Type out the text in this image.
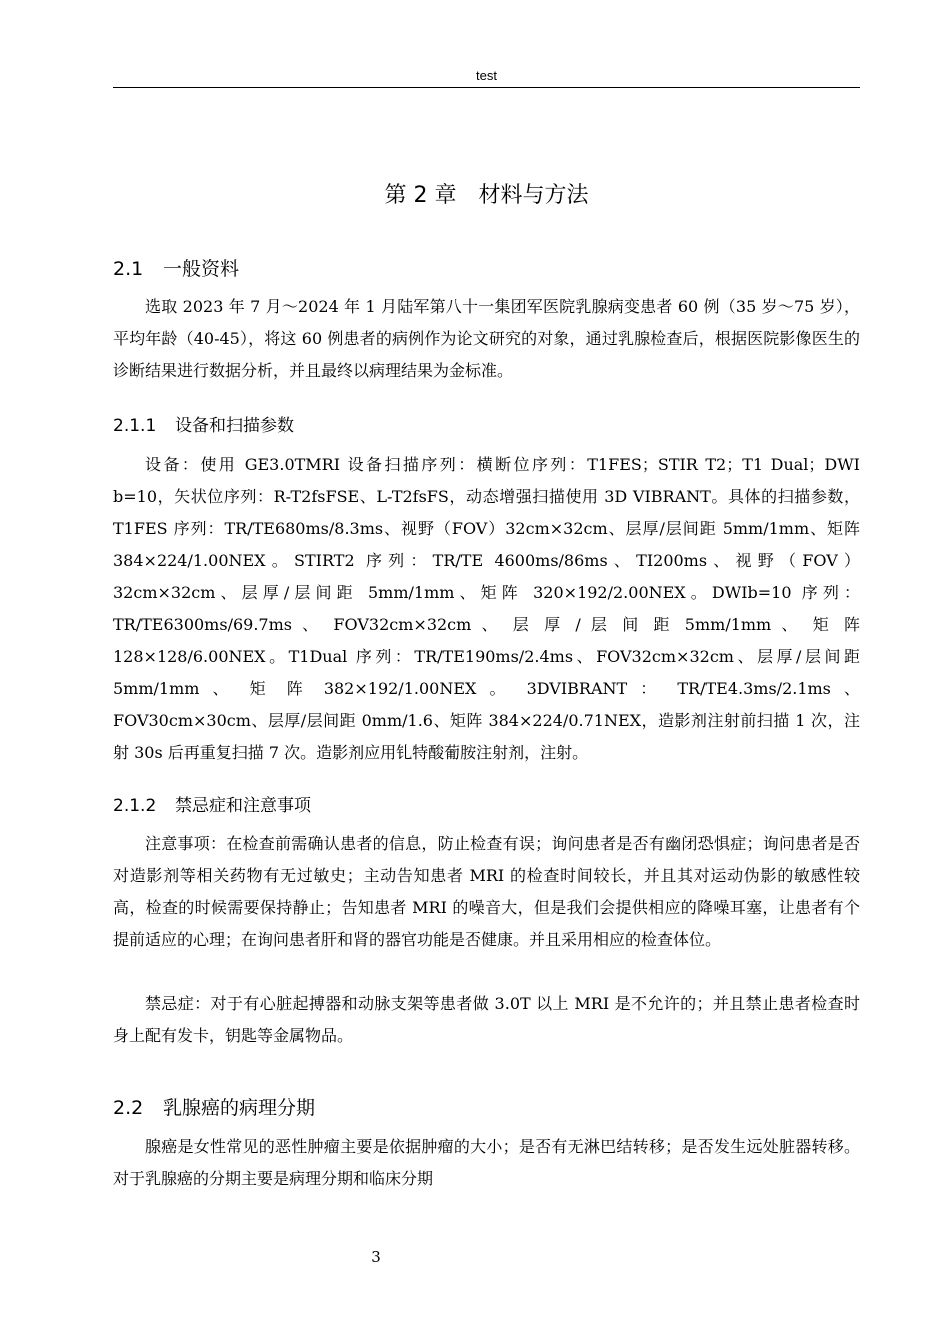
test
第 2 章　材料与方法
2.1 一般资料

选取 2023 年 7 月～2024 年 1 月陆军第八十一集团军医院乳腺病变患者 60 例（35 岁～75 岁），平均年龄（40-45），将这 60 例患者的病例作为论文研究的对象，通过乳腺检查后，根据医院影像医生的诊断结果进行数据分析，并且最终以病理结果为金标准。

2.1.1 设备和扫描参数

设备：使用 GE3.0TMRI 设备扫描序列：横断位序列：T1FES；STIR T2；T1 Dual；DWI b=10，矢状位序列：R-T2fsFSE、L-T2fsFS，动态增强扫描使用 3D VIBRANT。具体的扫描参数，T1FES 序列：TR/TE680ms/8.3ms、视野（FOV）32cm×32cm、层厚/层间距 5mm/1mm、矩阵 384×224/1.00NEX。STIRT2 序列：TR/TE 4600ms/86ms、TI200ms、视野（FOV）32cm×32cm、层厚/层间距 5mm/1mm、矩阵 320×192/2.00NEX。DWIb=10 序列：TR/TE6300ms/69.7ms 、 FOV32cm×32cm 、 层 厚 / 层 间 距 5mm/1mm 、 矩 阵 128×128/6.00NEX。T1Dual 序列：TR/TE190ms/2.4ms、FOV32cm×32cm、层厚/层间距 5mm/1mm 、 矩 阵 382×192/1.00NEX 。 3DVIBRANT ： TR/TE4.3ms/2.1ms 、 FOV30cm×30cm、层厚/层间距 0mm/1.6、矩阵 384×224/0.71NEX，造影剂注射前扫描 1 次，注射 30s 后再重复扫描 7 次。造影剂应用钆特酸葡胺注射剂，注射。

2.1.2 禁忌症和注意事项

注意事项：在检查前需确认患者的信息，防止检查有误；询问患者是否有幽闭恐惧症；询问患者是否对造影剂等相关药物有无过敏史；主动告知患者 MRI 的检查时间较长，并且其对运动伪影的敏感性较高，检查的时候需要保持静止；告知患者 MRI 的噪音大，但是我们会提供相应的降噪耳塞，让患者有个提前适应的心理；在询问患者肝和肾的器官功能是否健康。并且采用相应的检查体位。

禁忌症：对于有心脏起搏器和动脉支架等患者做 3.0T 以上 MRI 是不允许的；并且禁止患者检查时身上配有发卡，钥匙等金属物品。

2.2 乳腺癌的病理分期

腺癌是女性常见的恶性肿瘤主要是依据肿瘤的大小；是否有无淋巴结转移；是否发生远处脏器转移。对于乳腺癌的分期主要是病理分期和临床分期

3
